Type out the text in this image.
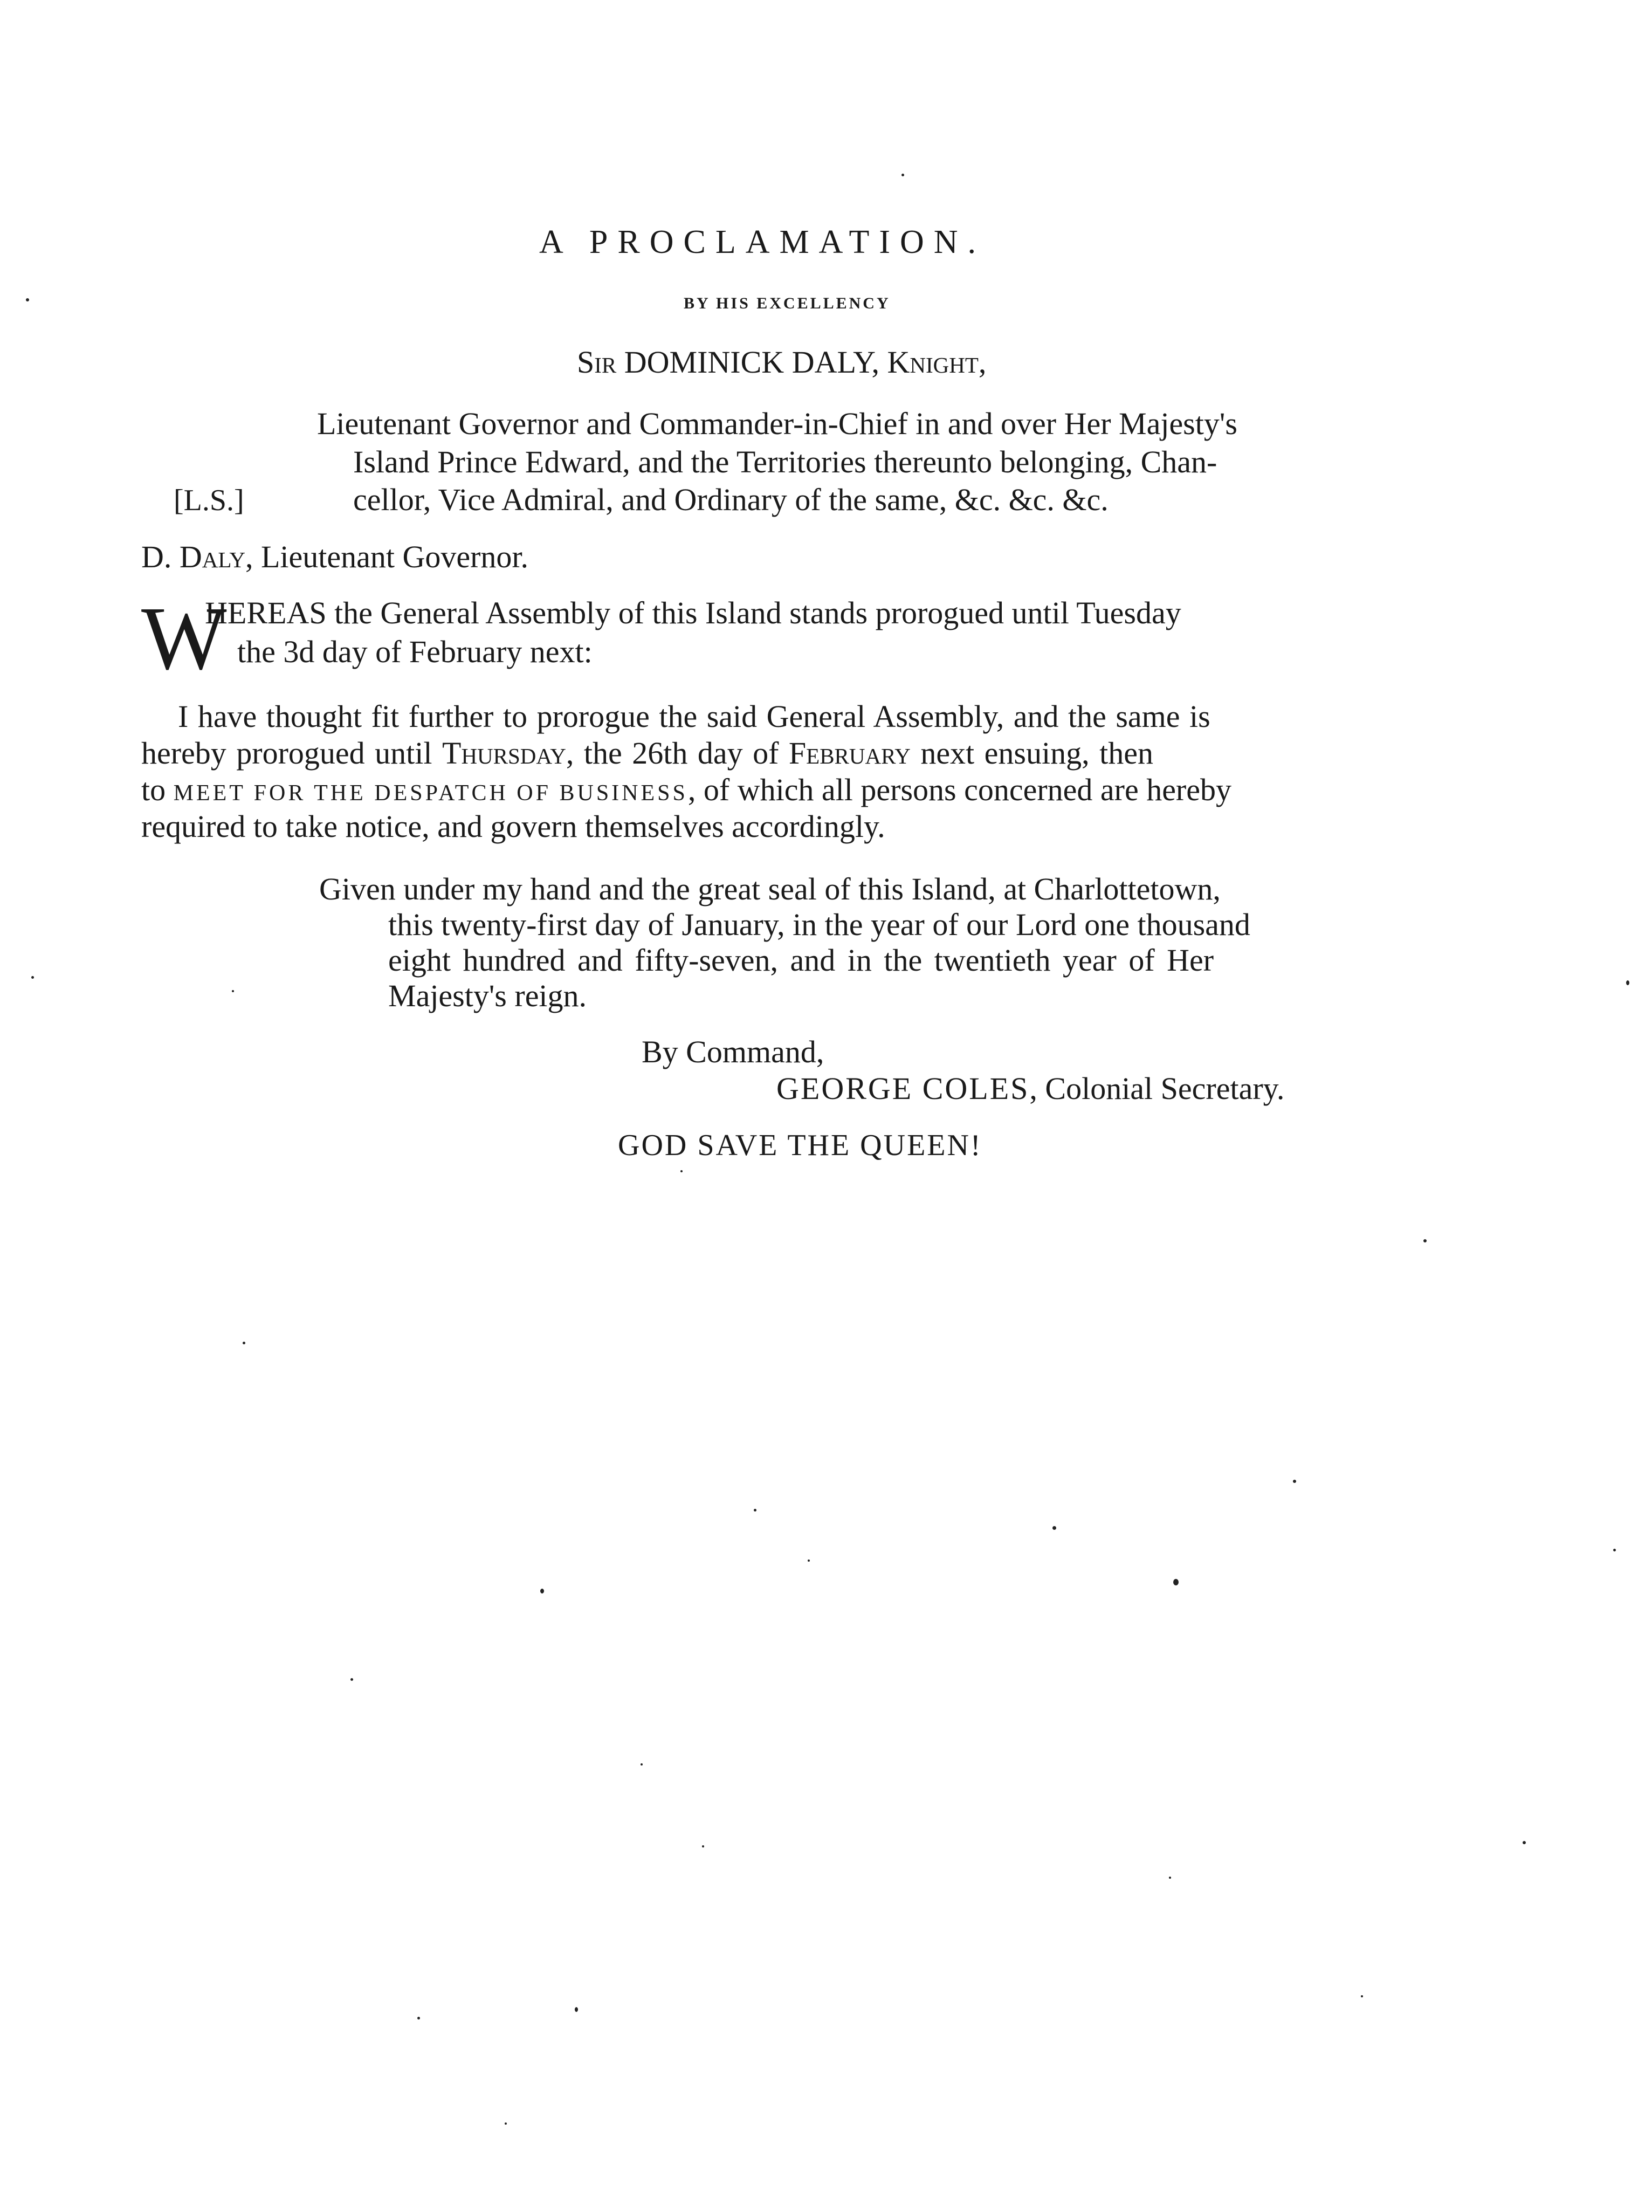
A PROCLAMATION.
BY HIS EXCELLENCY
Sir DOMINICK DALY, Knight,
Lieutenant Governor and Commander-in-Chief in and over Her Majesty's
Island Prince Edward, and the Territories thereunto belonging, Chan-
[L.S.]	cellor, Vice Admiral, and Ordinary of the same, &c. &c. &c.
D. Daly, Lieutenant Governor.
W
HEREAS the General Assembly of this Island stands prorogued until Tuesday
the 3d day of February next:
I have thought fit further to prorogue the said General Assembly, and the same is
hereby prorogued until Thursday, the 26th day of February next ensuing, then
to MEET FOR THE DESPATCH OF BUSINESS, of which all persons concerned are hereby
required to take notice, and govern themselves accordingly.
Given under my hand and the great seal of this Island, at Charlottetown,
this twenty-first day of January, in the year of our Lord one thousand
eight hundred and fifty-seven, and in the twentieth year of Her
Majesty's reign.
By Command,
GEORGE COLES, Colonial Secretary.
GOD SAVE THE QUEEN!
